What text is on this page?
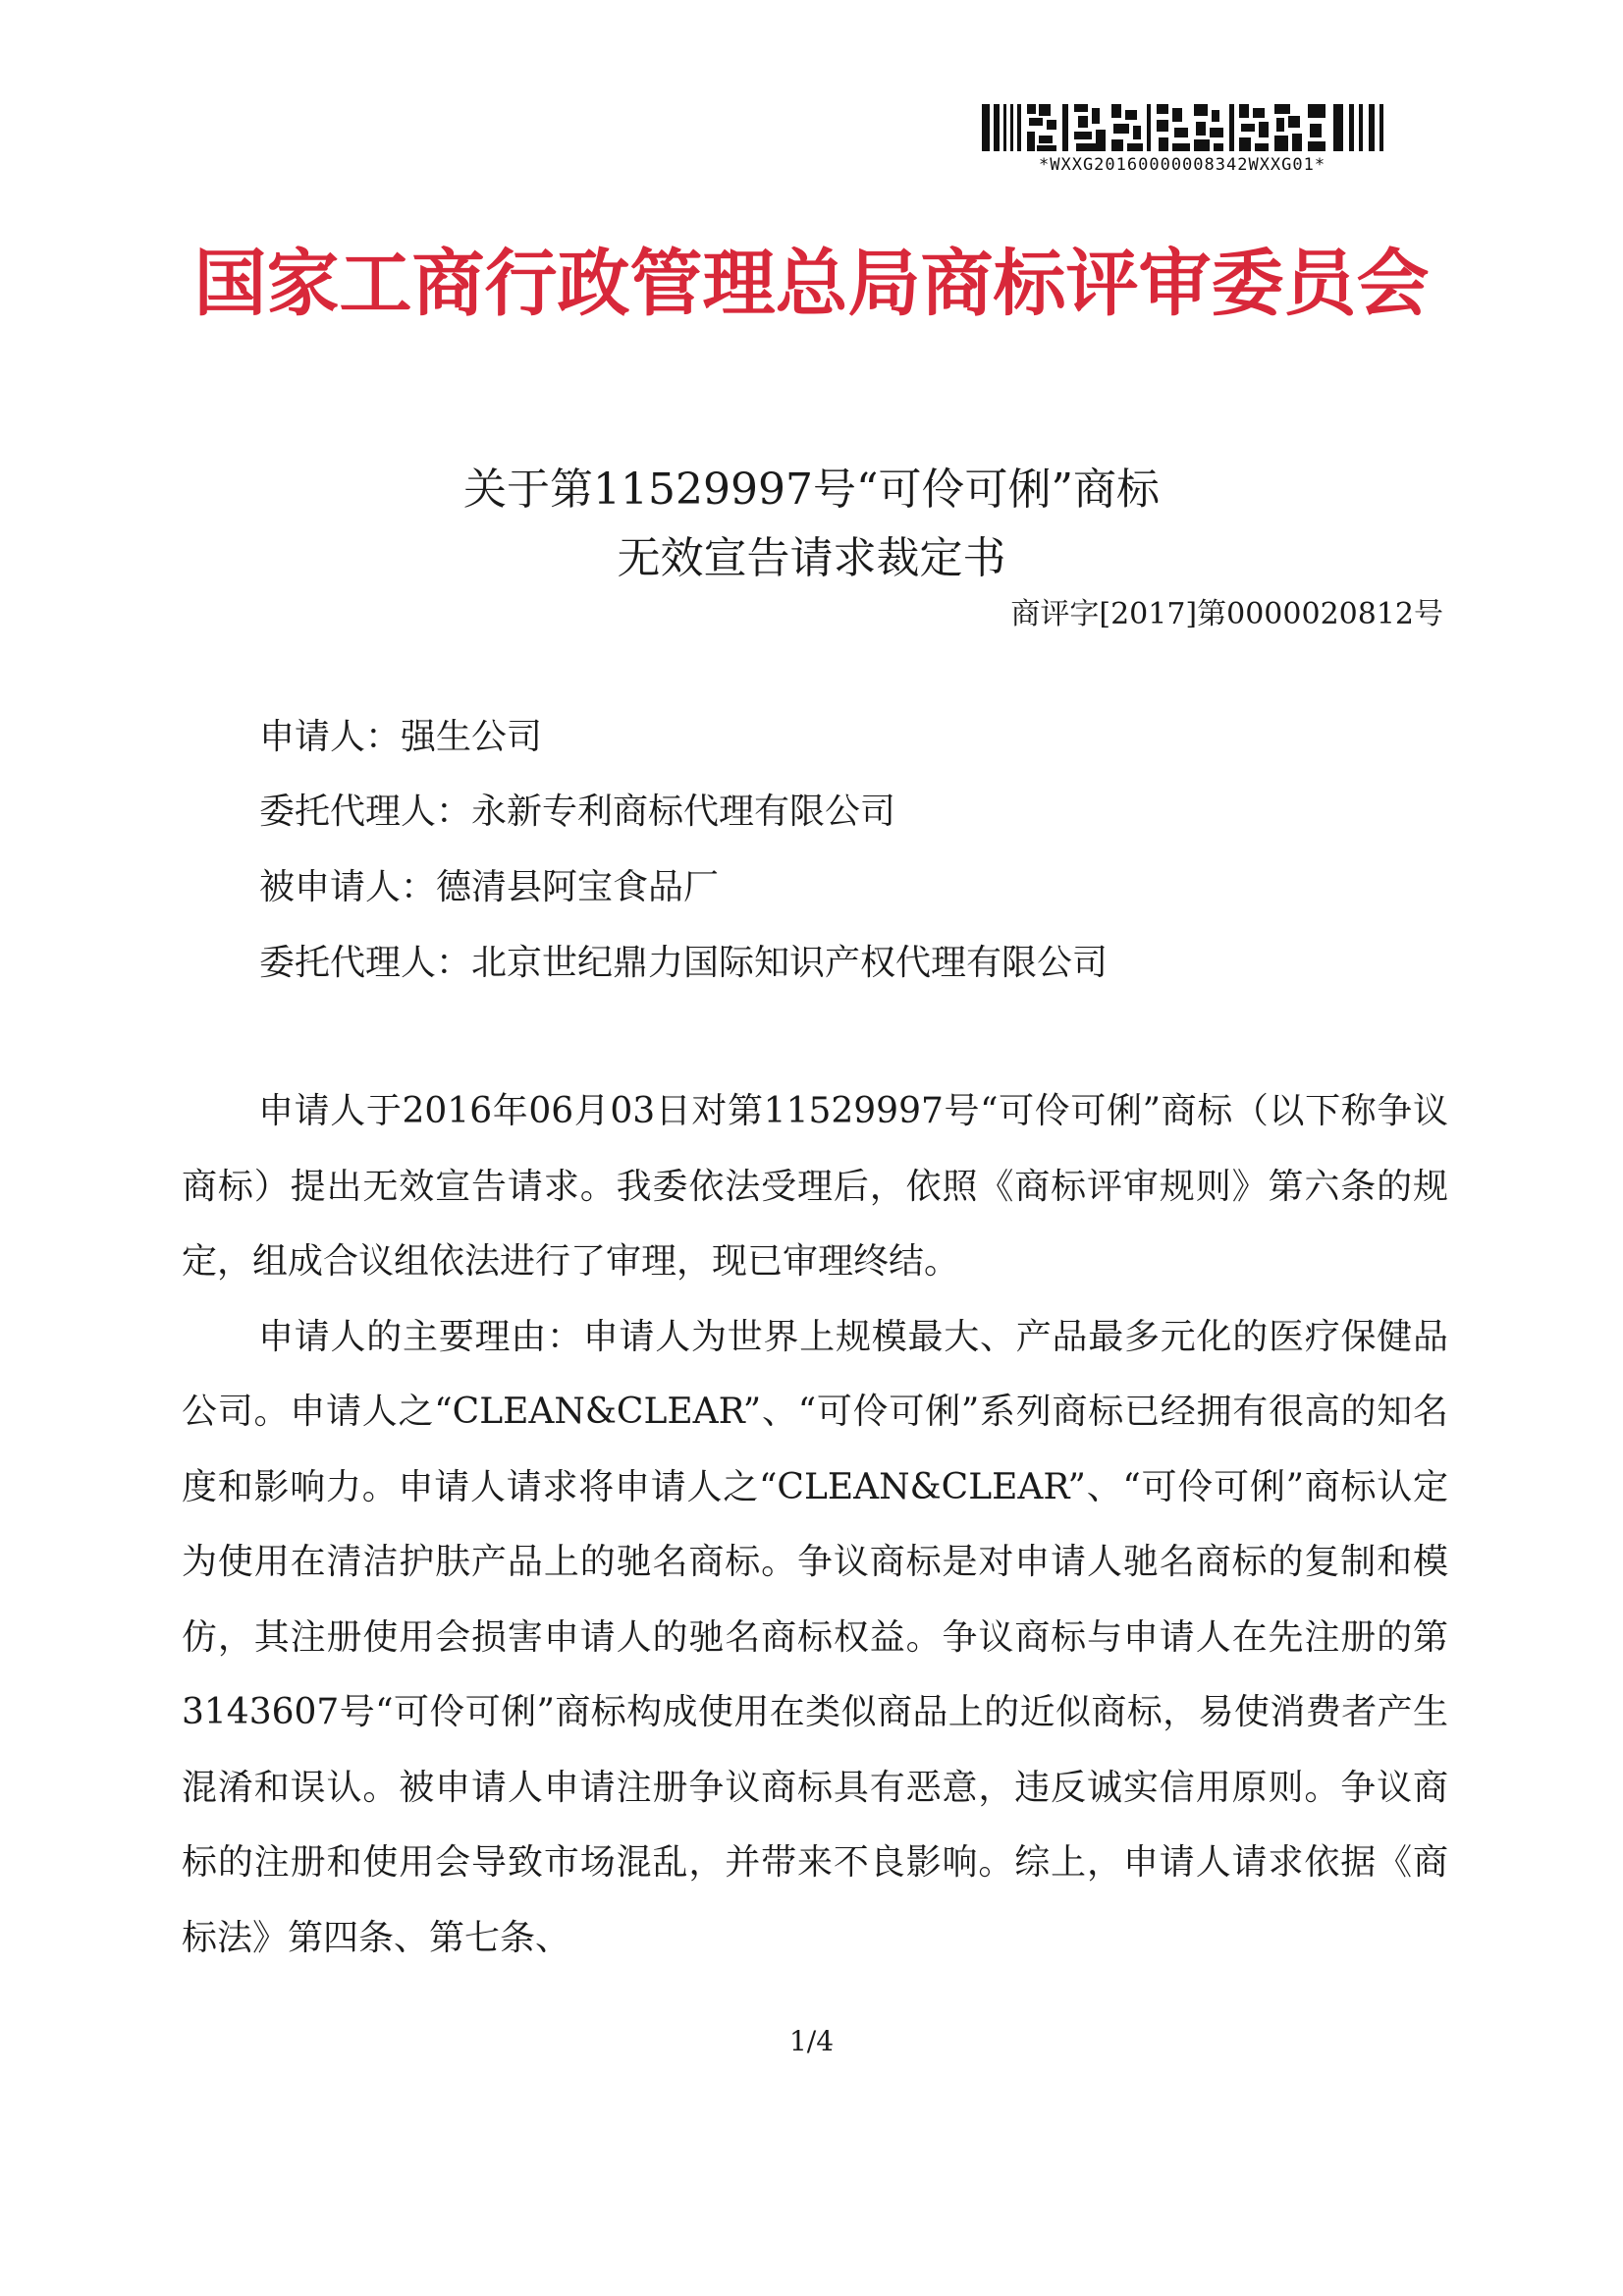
*WXXG20160000008342WXXG01*
国家工商行政管理总局商标评审委员会
关于第11529997号“可伶可俐”商标
无效宣告请求裁定书
商评字[2017]第0000020812号
申请人：强生公司
委托代理人：永新专利商标代理有限公司
被申请人：德清县阿宝食品厂
委托代理人：北京世纪鼎力国际知识产权代理有限公司

申请人于2016年06月03日对第11529997号“可伶可俐”商标（以下称争议商标）提出无效宣告请求。我委依法受理后，依照《商标评审规则》第六条的规定，组成合议组依法进行了审理，现已审理终结。

申请人的主要理由：申请人为世界上规模最大、产品最多元化的医疗保健品公司。申请人之“CLEAN&CLEAR”、“可伶可俐”系列商标已经拥有很高的知名度和影响力。申请人请求将申请人之“CLEAN&CLEAR”、“可伶可俐”商标认定为使用在清洁护肤产品上的驰名商标。争议商标是对申请人驰名商标的复制和模仿，其注册使用会损害申请人的驰名商标权益。争议商标与申请人在先注册的第3143607号“可伶可俐”商标构成使用在类似商品上的近似商标，易使消费者产生混淆和误认。被申请人申请注册争议商标具有恶意，违反诚实信用原则。争议商标的注册和使用会导致市场混乱，并带来不良影响。综上，申请人请求依据《商标法》第四条、第七条、

1/4
